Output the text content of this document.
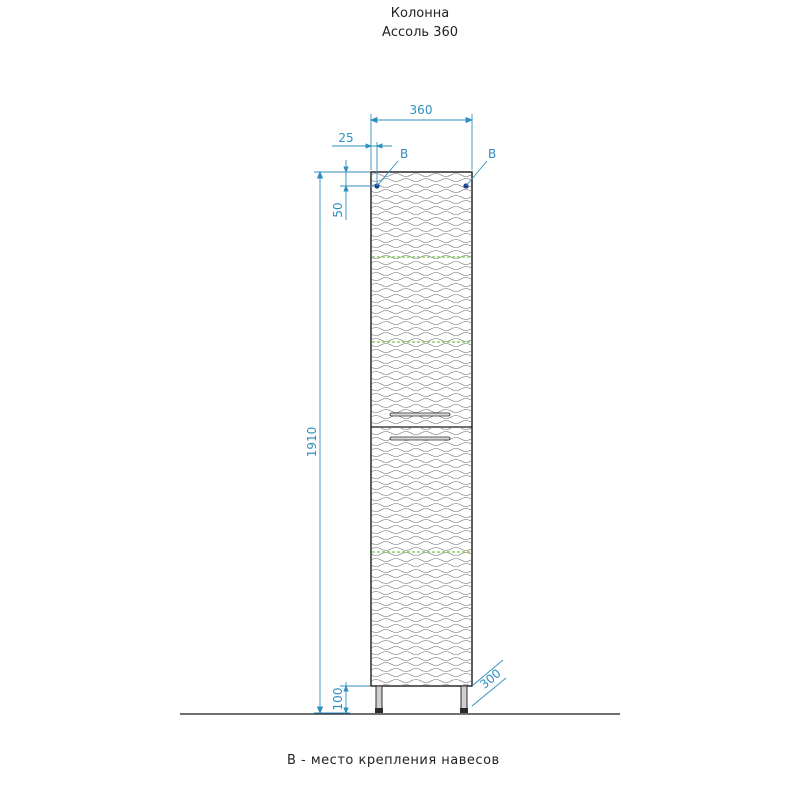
Колонна
Ассоль 360
B	B
360
25
50
1910
100
300
B - место крепления навесов
